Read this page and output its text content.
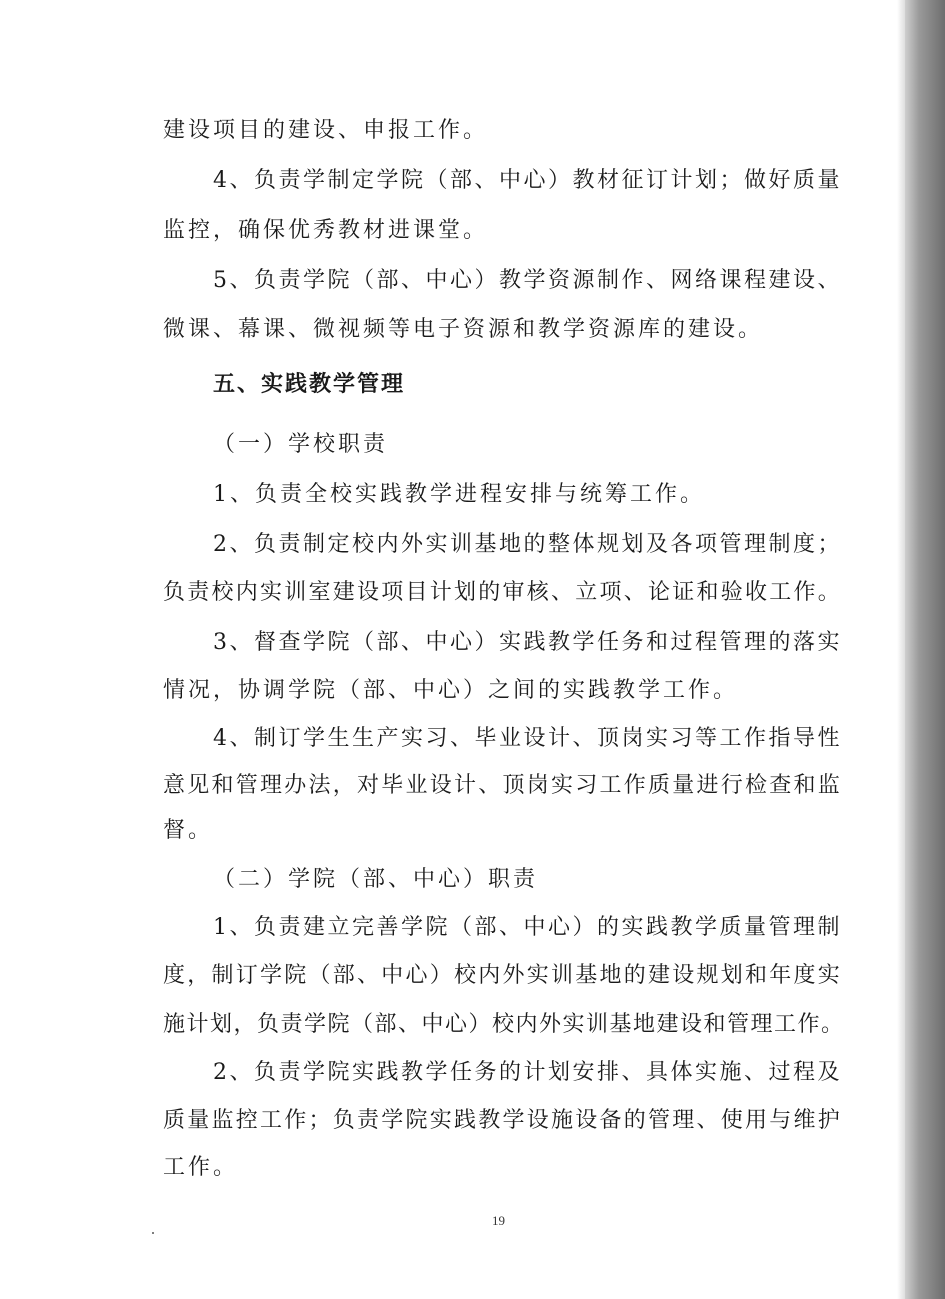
建设项目的建设、申报工作。
4、负责学制定学院（部、中心）教材征订计划；做好质量
监控，确保优秀教材进课堂。
5、负责学院（部、中心）教学资源制作、网络课程建设、
微课、幕课、微视频等电子资源和教学资源库的建设。
五、实践教学管理
（一）学校职责
1、负责全校实践教学进程安排与统筹工作。
2、负责制定校内外实训基地的整体规划及各项管理制度；
负责校内实训室建设项目计划的审核、立项、论证和验收工作。
3、督查学院（部、中心）实践教学任务和过程管理的落实
情况，协调学院（部、中心）之间的实践教学工作。
4、制订学生生产实习、毕业设计、顶岗实习等工作指导性
意见和管理办法，对毕业设计、顶岗实习工作质量进行检查和监
督。
（二）学院（部、中心）职责
1、负责建立完善学院（部、中心）的实践教学质量管理制
度，制订学院（部、中心）校内外实训基地的建设规划和年度实
施计划，负责学院（部、中心）校内外实训基地建设和管理工作。
2、负责学院实践教学任务的计划安排、具体实施、过程及
质量监控工作；负责学院实践教学设施设备的管理、使用与维护
工作。
19
